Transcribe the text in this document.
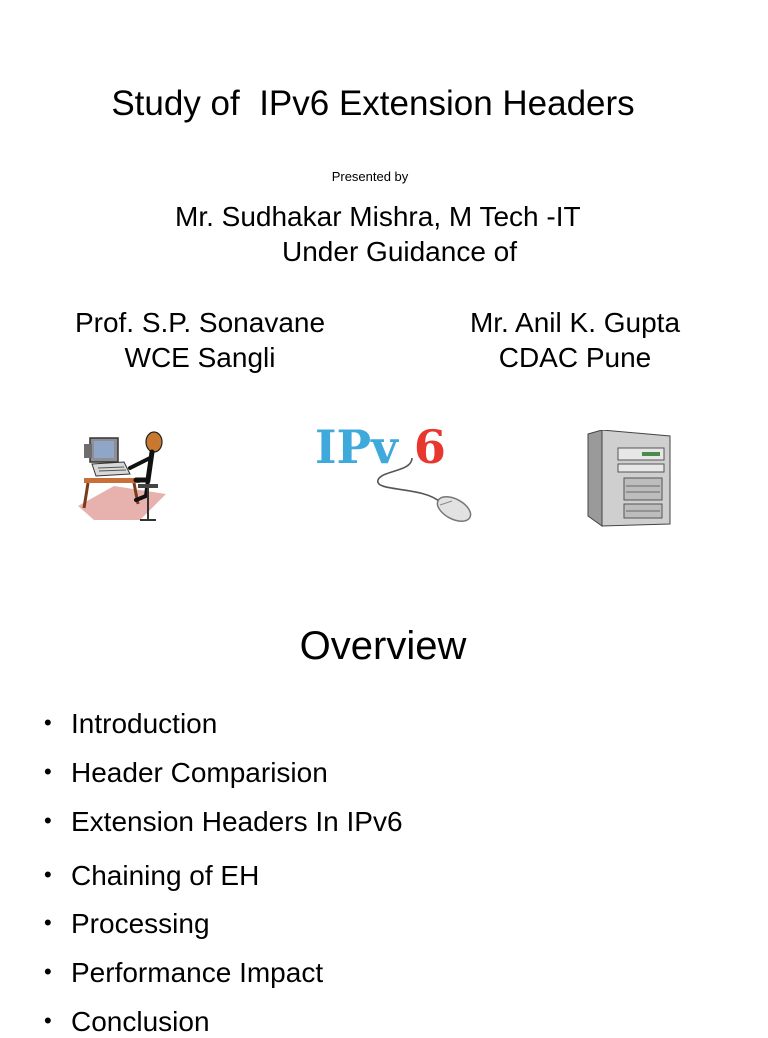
Study of  IPv6 Extension Headers
Presented by
Mr. Sudhakar Mishra, M Tech -IT
Under Guidance of
Prof. S.P. Sonavane
WCE Sangli
Mr. Anil K. Gupta
CDAC Pune
IPv 6
Overview
• Introduction
• Header Comparision
• Extension Headers In IPv6
• Chaining of EH
• Processing
• Performance Impact
• Conclusion
